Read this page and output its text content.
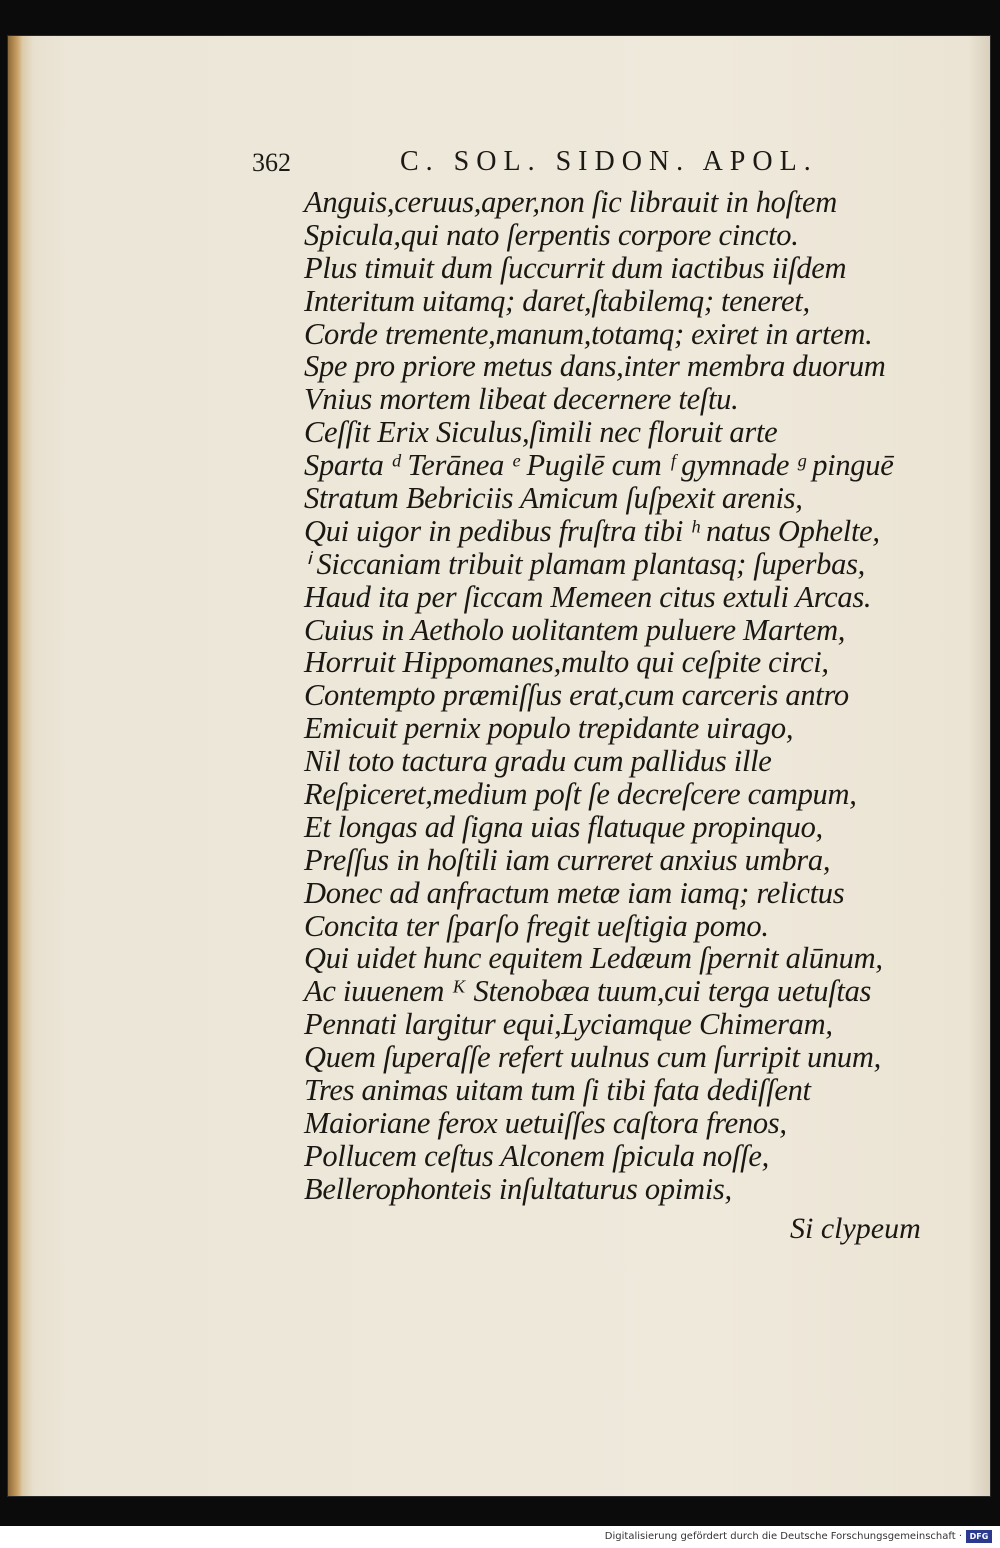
362	C. SOL. SIDON. APOL.
Anguis,ceruus,aper,non ſic librauit in hoſtem
Spicula,qui nato ſerpentis corpore cincto.
Plus timuit dum ſuccurrit dum iactibus iiſdem
Interitum uitamq; daret,ſtabilemq; teneret,
Corde tremente,manum,totamq; exiret in artem.
Spe pro priore metus dans,inter membra duorum
Vnius mortem libeat decernere teſtu.
Ceſſit Erix Siculus,ſimili nec floruit arte
Sparta ᵈ Terānea ᵉ Pugilē cum ᶠ gymnade ᵍ pinguē
Stratum Bebriciis Amicum ſuſpexit arenis,
Qui uigor in pedibus fruſtra tibi ʰ natus Ophelte,
ⁱ Siccaniam tribuit plamam plantasq; ſuperbas,
Haud ita per ſiccam Memeen citus extuli Arcas.
Cuius in Aetholo uolitantem puluere Martem,
Horruit Hippomanes,multo qui ceſpite circi,
Contempto præmiſſus erat,cum carceris antro
Emicuit pernix populo trepidante uirago,
Nil toto tactura gradu cum pallidus ille
Reſpiceret,medium poſt ſe decreſcere campum,
Et longas ad ſigna uias flatuque propinquo,
Preſſus in hoſtili iam curreret anxius umbra,
Donec ad anfractum metæ iam iamq; relictus
Concita ter ſparſo fregit ueſtigia pomo.
Qui uidet hunc equitem Ledæum ſpernit alūnum,
Ac iuuenem ᴷ Stenobæa tuum,cui terga uetuſtas
Pennati largitur equi,Lyciamque Chimeram,
Quem ſuperaſſe refert uulnus cum ſurripit unum,
Tres animas uitam tum ſi tibi fata dediſſent
Maioriane ferox uetuiſſes caſtora frenos,
Pollucem ceſtus Alconem ſpicula noſſe,
Bellerophonteis inſultaturus opimis,
Si clypeum
Digitalisierung gefördert durch die Deutsche Forschungsgemeinschaft · DFG
